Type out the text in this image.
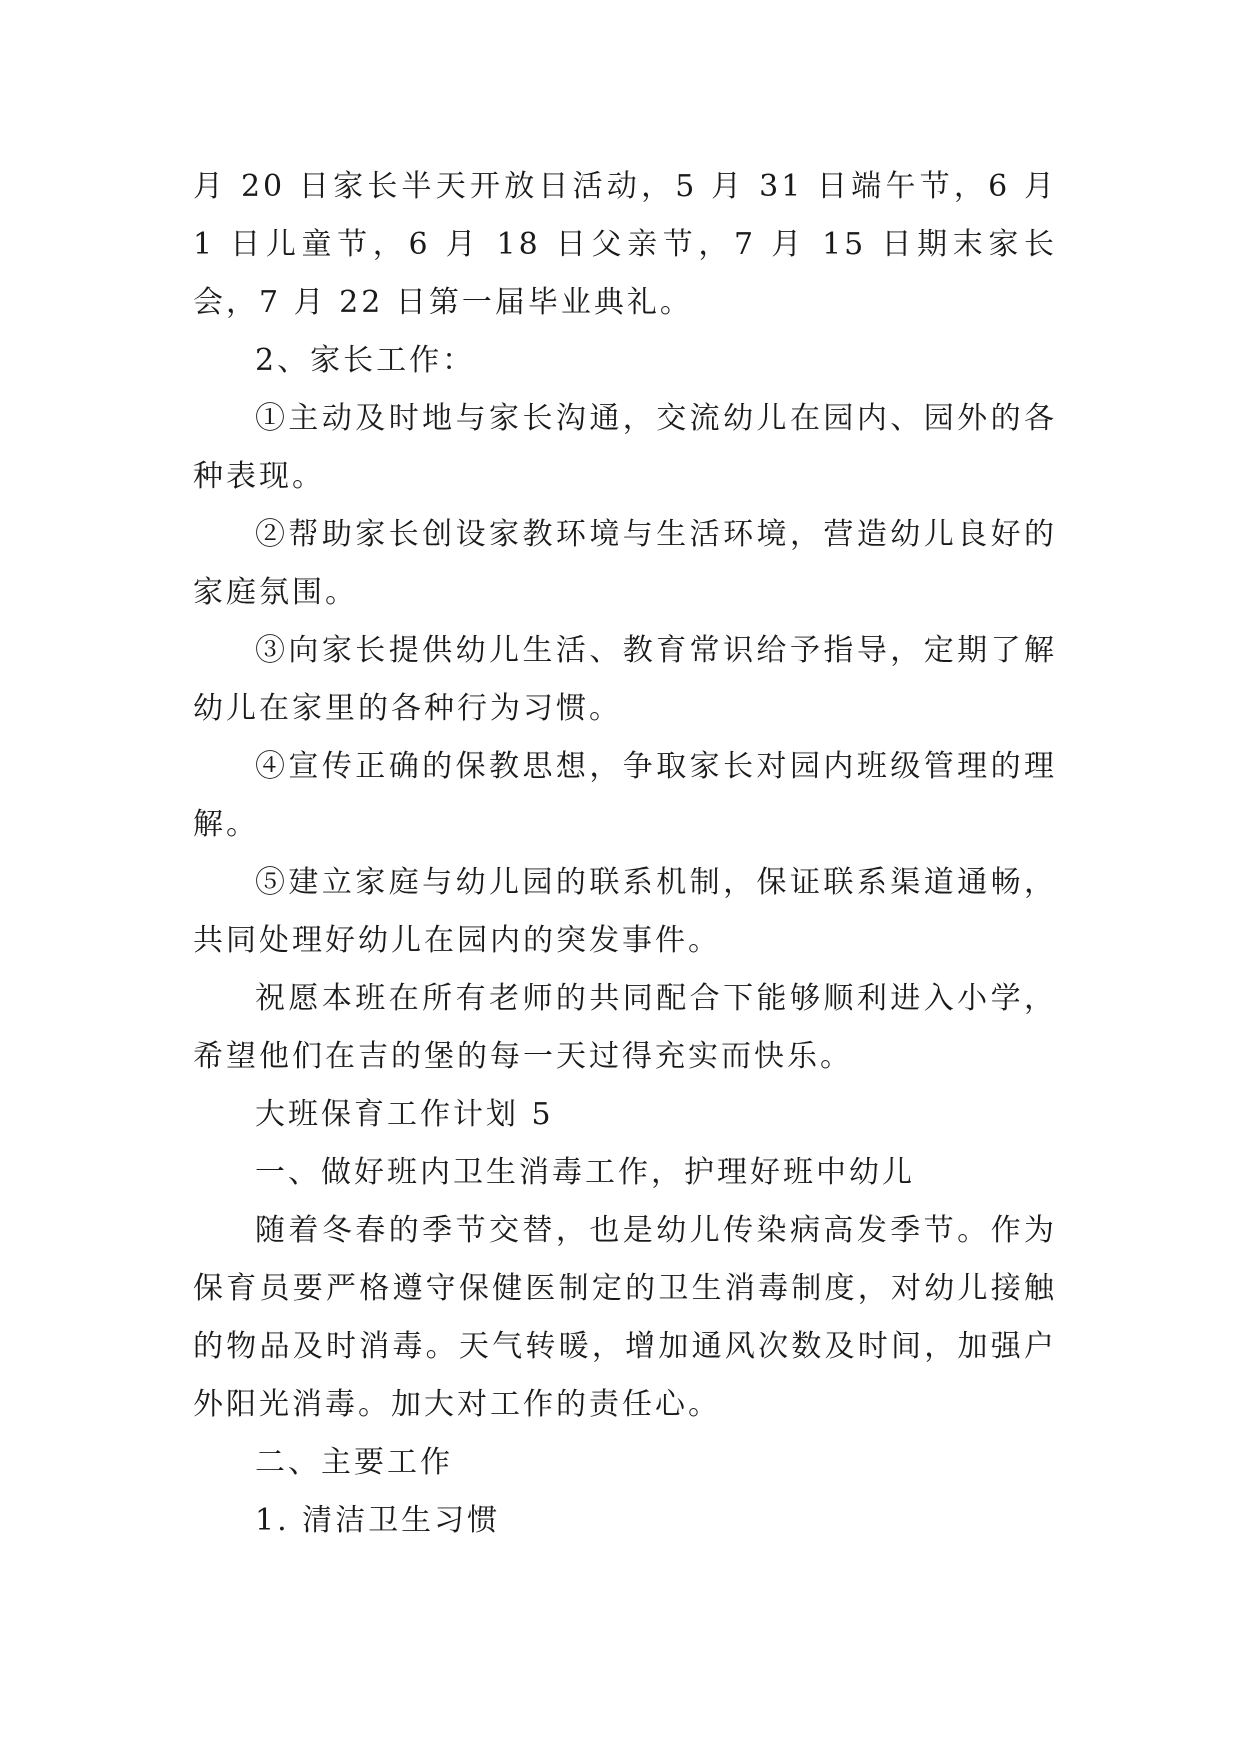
月 20 日家长半天开放日活动，5 月 31 日端午节，6 月 1 日儿童节，6 月 18 日父亲节，7 月 15 日期末家长会，7 月 22 日第一届毕业典礼。

2、家长工作：

①主动及时地与家长沟通，交流幼儿在园内、园外的各种表现。

②帮助家长创设家教环境与生活环境，营造幼儿良好的家庭氛围。

③向家长提供幼儿生活、教育常识给予指导，定期了解幼儿在家里的各种行为习惯。

④宣传正确的保教思想，争取家长对园内班级管理的理解。

⑤建立家庭与幼儿园的联系机制，保证联系渠道通畅，共同处理好幼儿在园内的突发事件。

祝愿本班在所有老师的共同配合下能够顺利进入小学，希望他们在吉的堡的每一天过得充实而快乐。

大班保育工作计划 5

一、做好班内卫生消毒工作，护理好班中幼儿

随着冬春的季节交替，也是幼儿传染病高发季节。作为保育员要严格遵守保健医制定的卫生消毒制度，对幼儿接触的物品及时消毒。天气转暖，增加通风次数及时间，加强户外阳光消毒。加大对工作的责任心。

二、主要工作

1. 清洁卫生习惯
